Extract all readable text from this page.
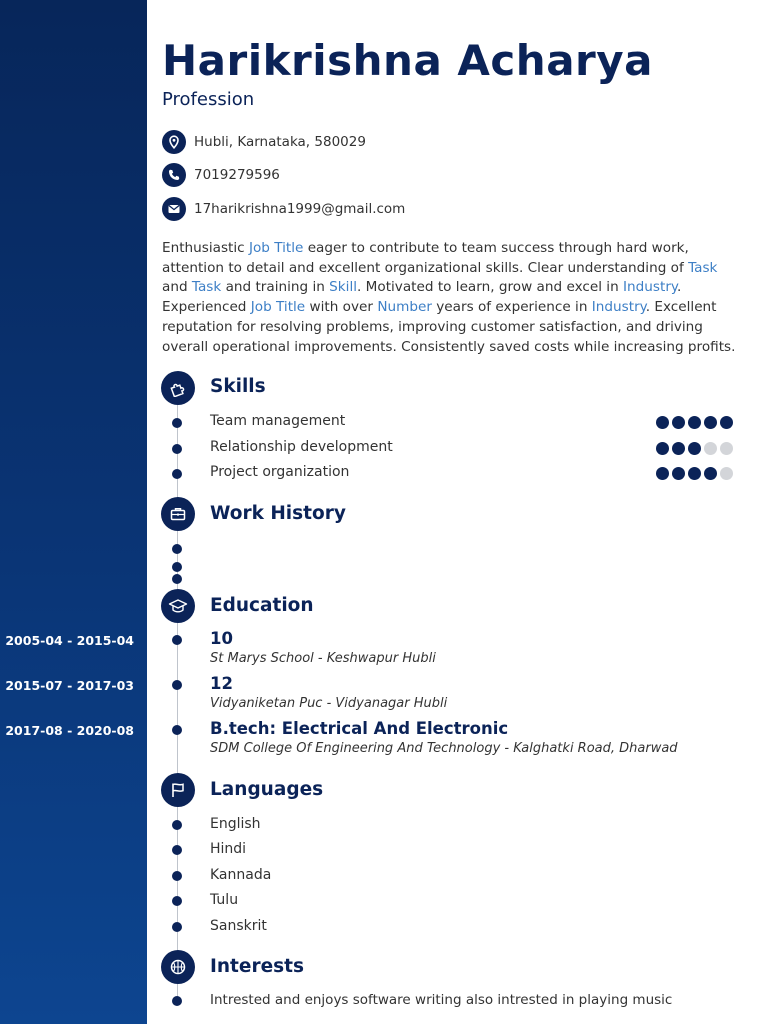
2005-04 - 2015-04
2015-07 - 2017-03
2017-08 - 2020-08
Harikrishna Acharya
Profession
Hubli, Karnataka, 580029
7019279596
17harikrishna1999@gmail.com
Enthusiastic Job Title eager to contribute to team success through hard work, attention to detail and excellent organizational skills. Clear understanding of Task and Task and training in Skill. Motivated to learn, grow and excel in Industry. Experienced Job Title with over Number years of experience in Industry. Excellent reputation for resolving problems, improving customer satisfaction, and driving overall operational improvements. Consistently saved costs while increasing profits.
Skills
Team management
Relationship development
Project organization
Work History
Education
10
St Marys School - Keshwapur Hubli
12
Vidyaniketan Puc - Vidyanagar Hubli
B.tech: Electrical And Electronic
SDM College Of Engineering And Technology - Kalghatki Road, Dharwad
Languages
English
Hindi
Kannada
Tulu
Sanskrit
Interests
Intrested and enjoys software writing also intrested in playing music
